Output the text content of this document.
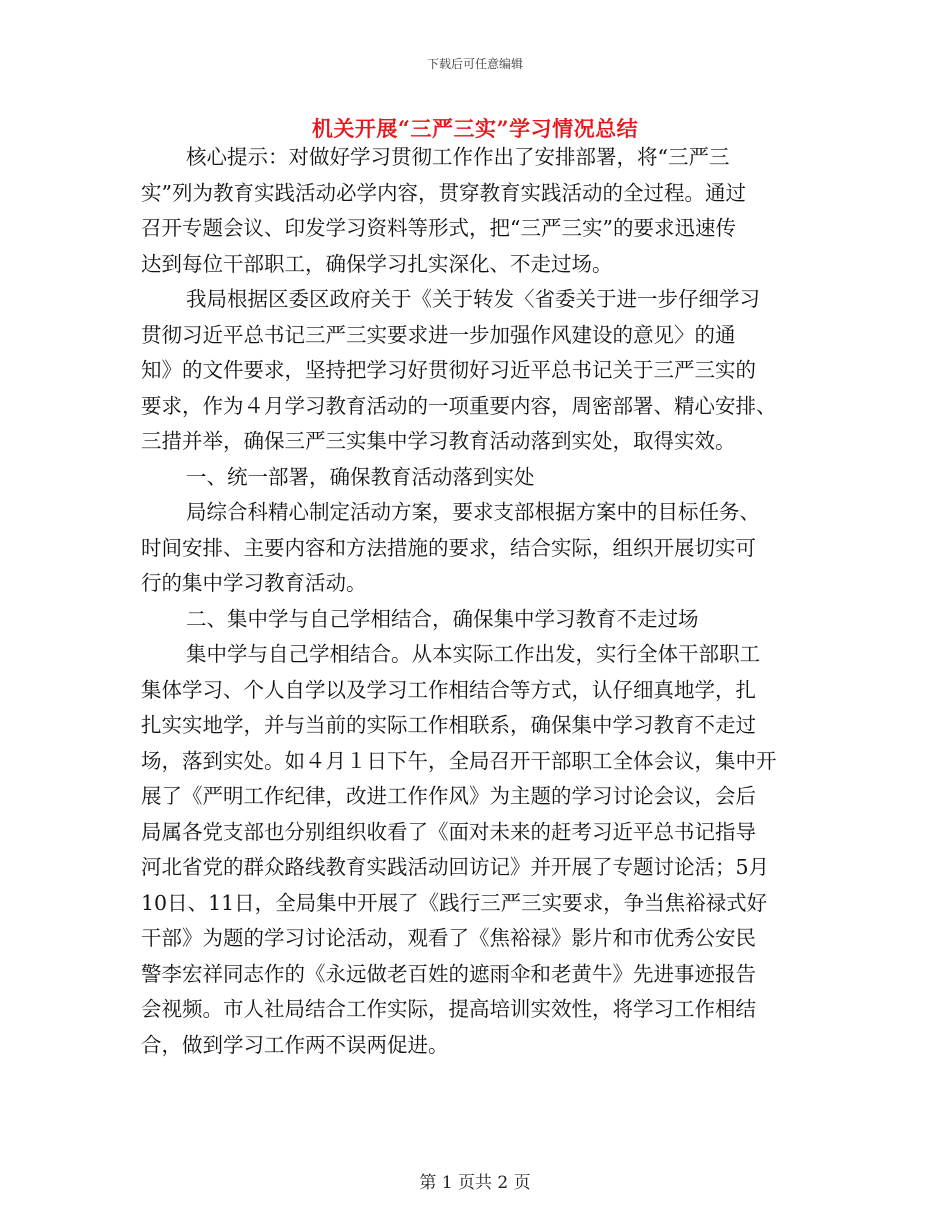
下载后可任意编辑
机关开展“三严三实”学习情况总结
核心提示：对做好学习贯彻工作作出了安排部署，将“三严三
实”列为教育实践活动必学内容，贯穿教育实践活动的全过程。通过
召开专题会议、印发学习资料等形式，把“三严三实”的要求迅速传
达到每位干部职工，确保学习扎实深化、不走过场。
我局根据区委区政府关于《关于转发〈省委关于进一步仔细学习
贯彻习近平总书记三严三实要求进一步加强作风建设的意见〉的通
知》的文件要求，坚持把学习好贯彻好习近平总书记关于三严三实的
要求，作为４月学习教育活动的一项重要内容，周密部署、精心安排、
三措并举，确保三严三实集中学习教育活动落到实处，取得实效。
一、统一部署，确保教育活动落到实处
局综合科精心制定活动方案，要求支部根据方案中的目标任务、
时间安排、主要内容和方法措施的要求，结合实际，组织开展切实可
行的集中学习教育活动。
二、集中学与自己学相结合，确保集中学习教育不走过场
集中学与自己学相结合。从本实际工作出发，实行全体干部职工
集体学习、个人自学以及学习工作相结合等方式，认仔细真地学，扎
扎实实地学，并与当前的实际工作相联系，确保集中学习教育不走过
场，落到实处。如４月１日下午，全局召开干部职工全体会议，集中开
展了《严明工作纪律，改进工作作风》为主题的学习讨论会议，会后
局属各党支部也分别组织收看了《面对未来的赶考习近平总书记指导
河北省党的群众路线教育实践活动回访记》并开展了专题讨论活；5月
10日、11日，全局集中开展了《践行三严三实要求，争当焦裕禄式好
干部》为题的学习讨论活动，观看了《焦裕禄》影片和市优秀公安民
警李宏祥同志作的《永远做老百姓的遮雨伞和老黄牛》先进事迹报告
会视频。市人社局结合工作实际，提高培训实效性，将学习工作相结
合，做到学习工作两不误两促进。
第 1 页共 2 页
